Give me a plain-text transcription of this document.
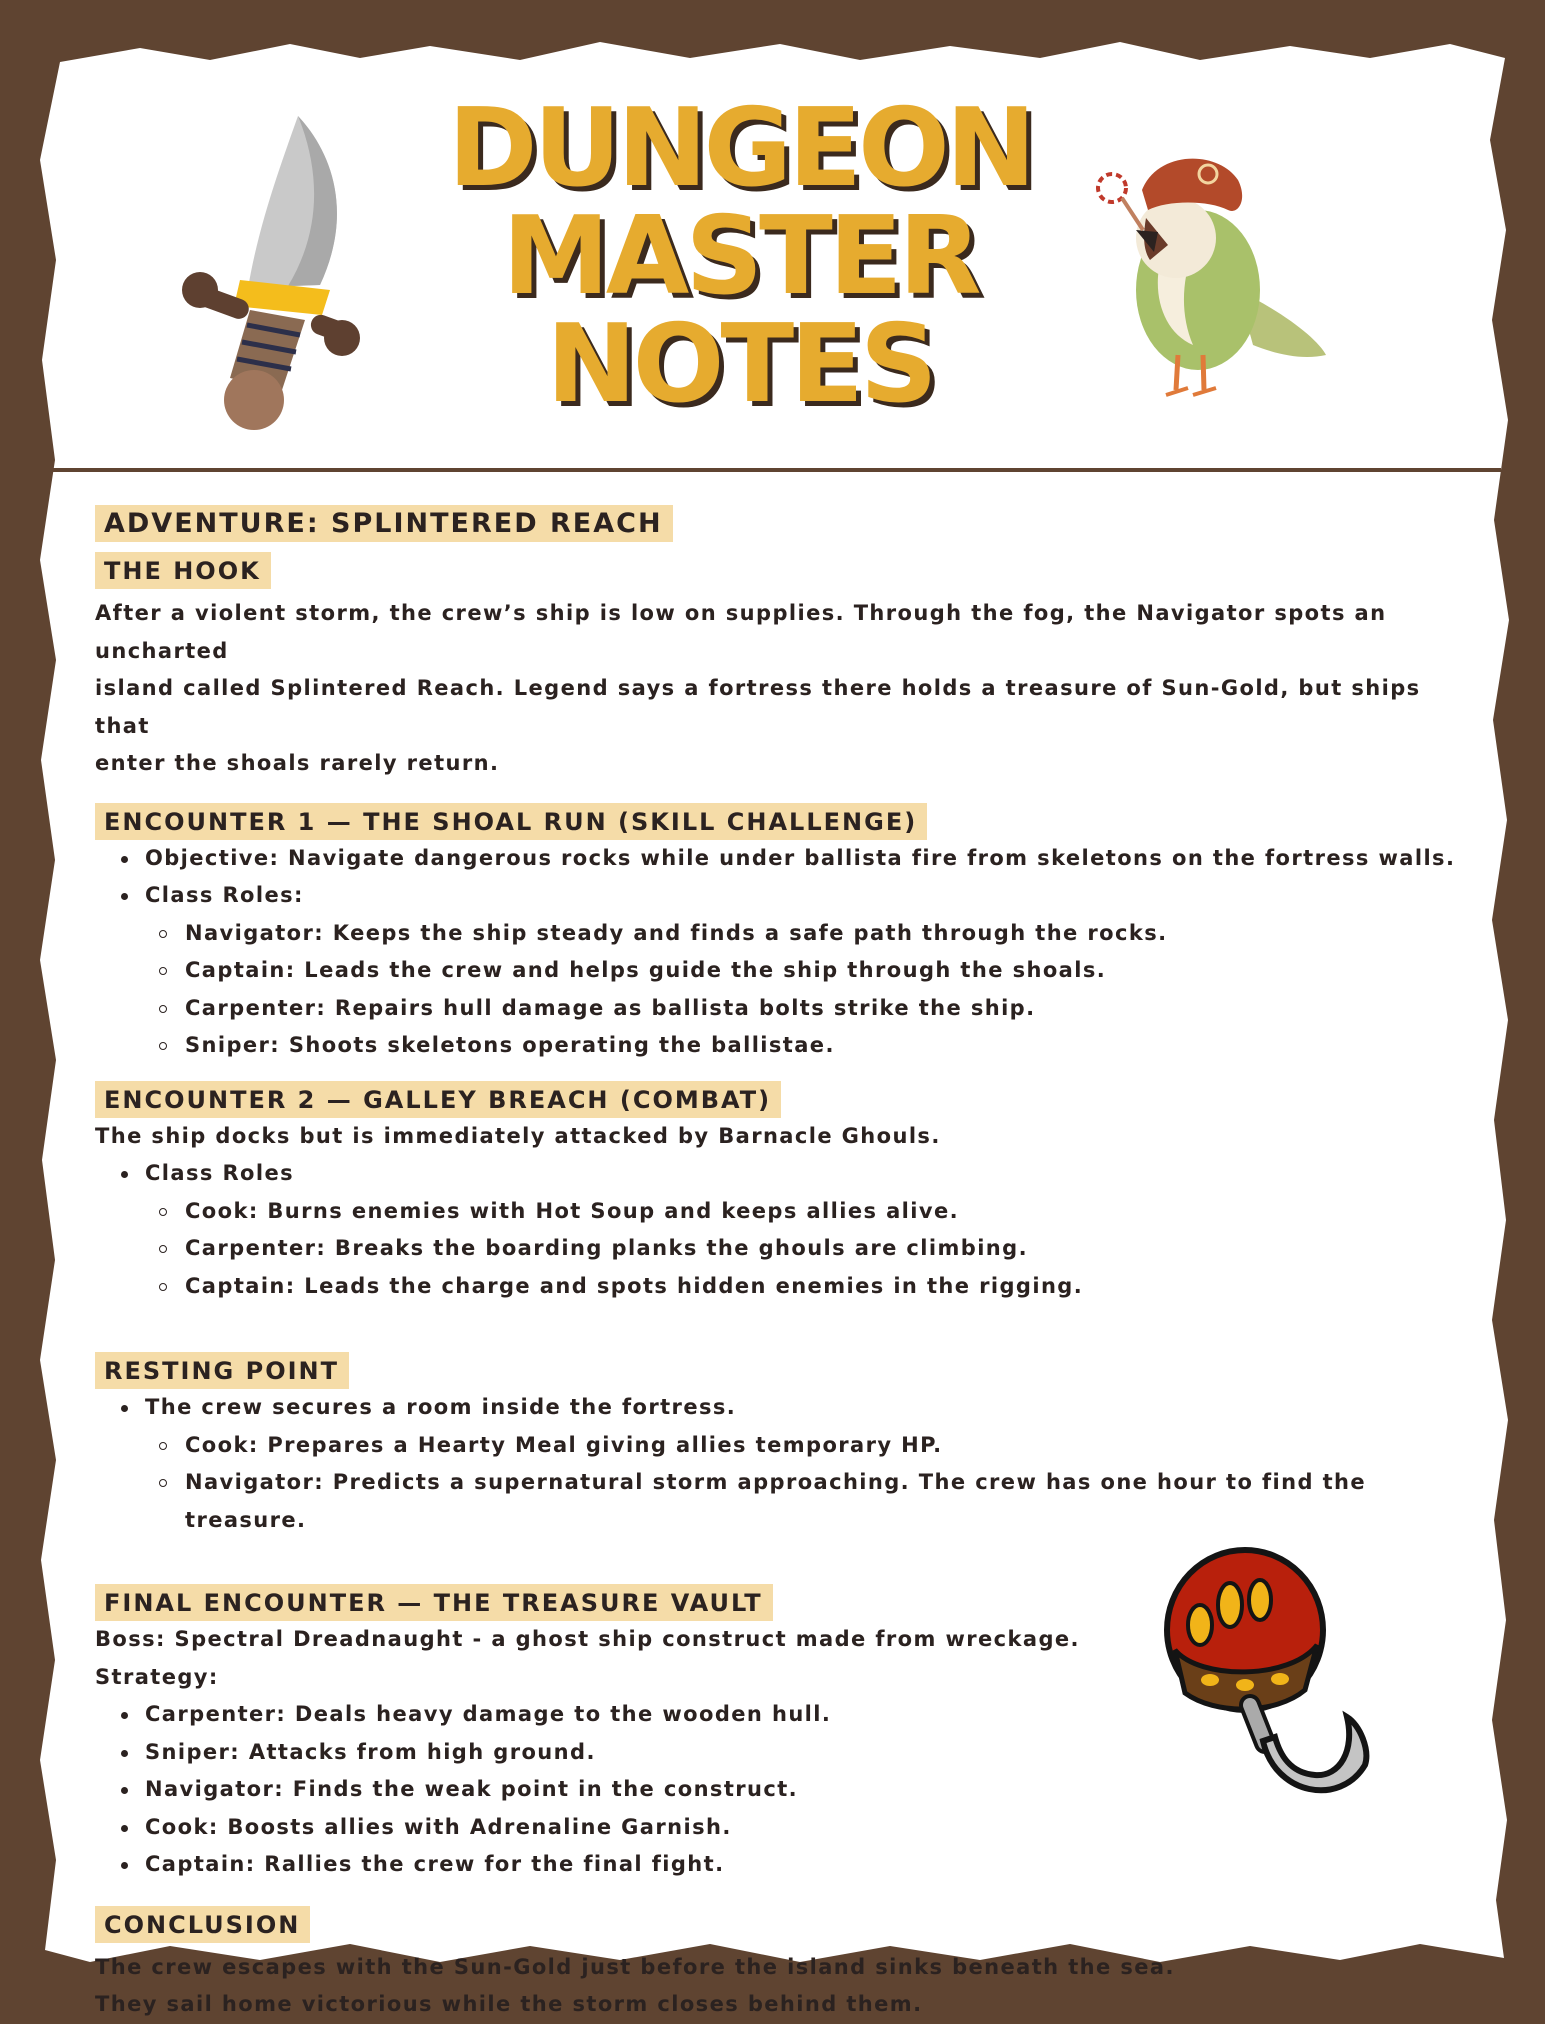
DUNGEON
MASTER
NOTES
ADVENTURE: SPLINTERED REACH
THE HOOK

After a violent storm, the crew’s ship is low on supplies. Through the fog, the Navigator spots an uncharted

island called Splintered Reach. Legend says a fortress there holds a treasure of Sun-Gold, but ships that

enter the shoals rarely return.

ENCOUNTER 1 — THE SHOAL RUN (SKILL CHALLENGE)
Objective: Navigate dangerous rocks while under ballista fire from skeletons on the fortress walls.
Class Roles:
Navigator: Keeps the ship steady and finds a safe path through the rocks.
Captain: Leads the crew and helps guide the ship through the shoals.
Carpenter: Repairs hull damage as ballista bolts strike the ship.
Sniper: Shoots skeletons operating the ballistae.
ENCOUNTER 2 — GALLEY BREACH (COMBAT)

The ship docks but is immediately attacked by Barnacle Ghouls.

Class Roles
Cook: Burns enemies with Hot Soup and keeps allies alive.
Carpenter: Breaks the boarding planks the ghouls are climbing.
Captain: Leads the charge and spots hidden enemies in the rigging.
RESTING POINT
The crew secures a room inside the fortress.
Cook: Prepares a Hearty Meal giving allies temporary HP.
Navigator: Predicts a supernatural storm approaching. The crew has one hour to find the treasure.
FINAL ENCOUNTER — THE TREASURE VAULT

Boss: Spectral Dreadnaught - a ghost ship construct made from wreckage.

Strategy:

Carpenter: Deals heavy damage to the wooden hull.
Sniper: Attacks from high ground.
Navigator: Finds the weak point in the construct.
Cook: Boosts allies with Adrenaline Garnish.
Captain: Rallies the crew for the final fight.
CONCLUSION

The crew escapes with the Sun-Gold just before the island sinks beneath the sea.

They sail home victorious while the storm closes behind them.
